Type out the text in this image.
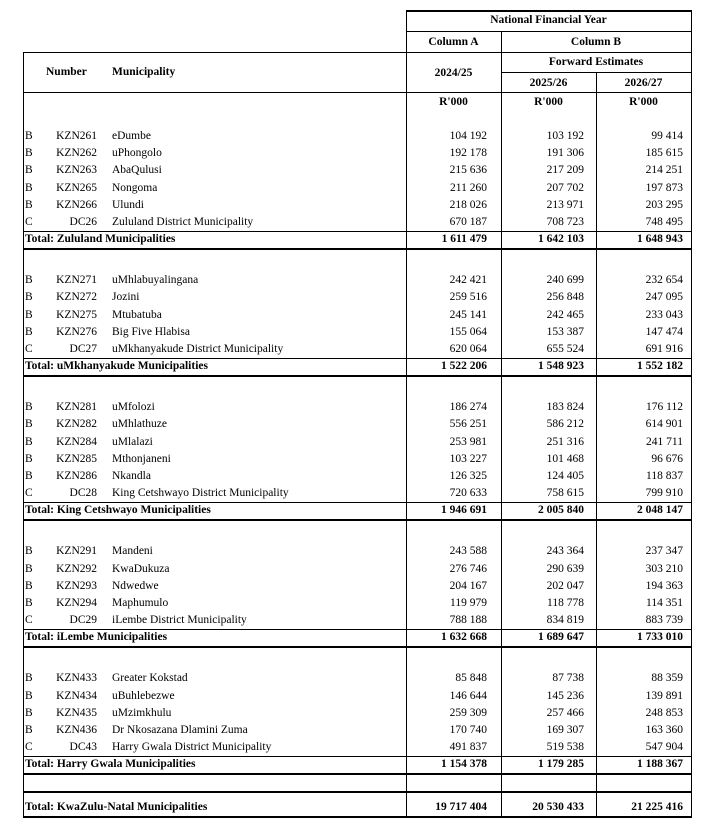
National Financial Year
Column A	Column B
Forward Estimates
Number Municipality	2024/25
2025/26	2026/27
R'000	R'000	R'000
B	KZN261 eDumbe	104 192	103 192	99 414
B	KZN262 uPhongolo	192 178	191 306	185 615
B	KZN263 AbaQulusi	215 636	217 209	214 251
B	KZN265 Nongoma	211 260	207 702	197 873
B	KZN266 Ulundi	218 026	213 971	203 295
C	DC26 Zululand District Municipality	670 187	708 723	748 495
Total: Zululand Municipalities	1 611 479	1 642 103	1 648 943
B	KZN271 uMhlabuyalingana	242 421	240 699	232 654
B	KZN272 Jozini	259 516	256 848	247 095
B	KZN275 Mtubatuba	245 141	242 465	233 043
B	KZN276 Big Five Hlabisa	155 064	153 387	147 474
C	DC27 uMkhanyakude District Municipality	620 064	655 524	691 916
Total: uMkhanyakude Municipalities	1 522 206	1 548 923	1 552 182
B	KZN281 uMfolozi	186 274	183 824	176 112
B	KZN282 uMhlathuze	556 251	586 212	614 901
B	KZN284 uMlalazi	253 981	251 316	241 711
B	KZN285 Mthonjaneni	103 227	101 468	96 676
B	KZN286 Nkandla	126 325	124 405	118 837
C	DC28 King Cetshwayo District Municipality	720 633	758 615	799 910
Total: King Cetshwayo Municipalities	1 946 691	2 005 840	2 048 147
B	KZN291 Mandeni	243 588	243 364	237 347
B	KZN292 KwaDukuza	276 746	290 639	303 210
B	KZN293 Ndwedwe	204 167	202 047	194 363
B	KZN294 Maphumulo	119 979	118 778	114 351
C	DC29 iLembe District Municipality	788 188	834 819	883 739
Total: iLembe Municipalities	1 632 668	1 689 647	1 733 010
B	KZN433 Greater Kokstad	85 848	87 738	88 359
B	KZN434 uBuhlebezwe	146 644	145 236	139 891
B	KZN435 uMzimkhulu	259 309	257 466	248 853
B	KZN436 Dr Nkosazana Dlamini Zuma	170 740	169 307	163 360
C	DC43 Harry Gwala District Municipality	491 837	519 538	547 904
Total: Harry Gwala Municipalities	1 154 378	1 179 285	1 188 367
Total: KwaZulu-Natal Municipalities	19 717 404	20 530 433	21 225 416
